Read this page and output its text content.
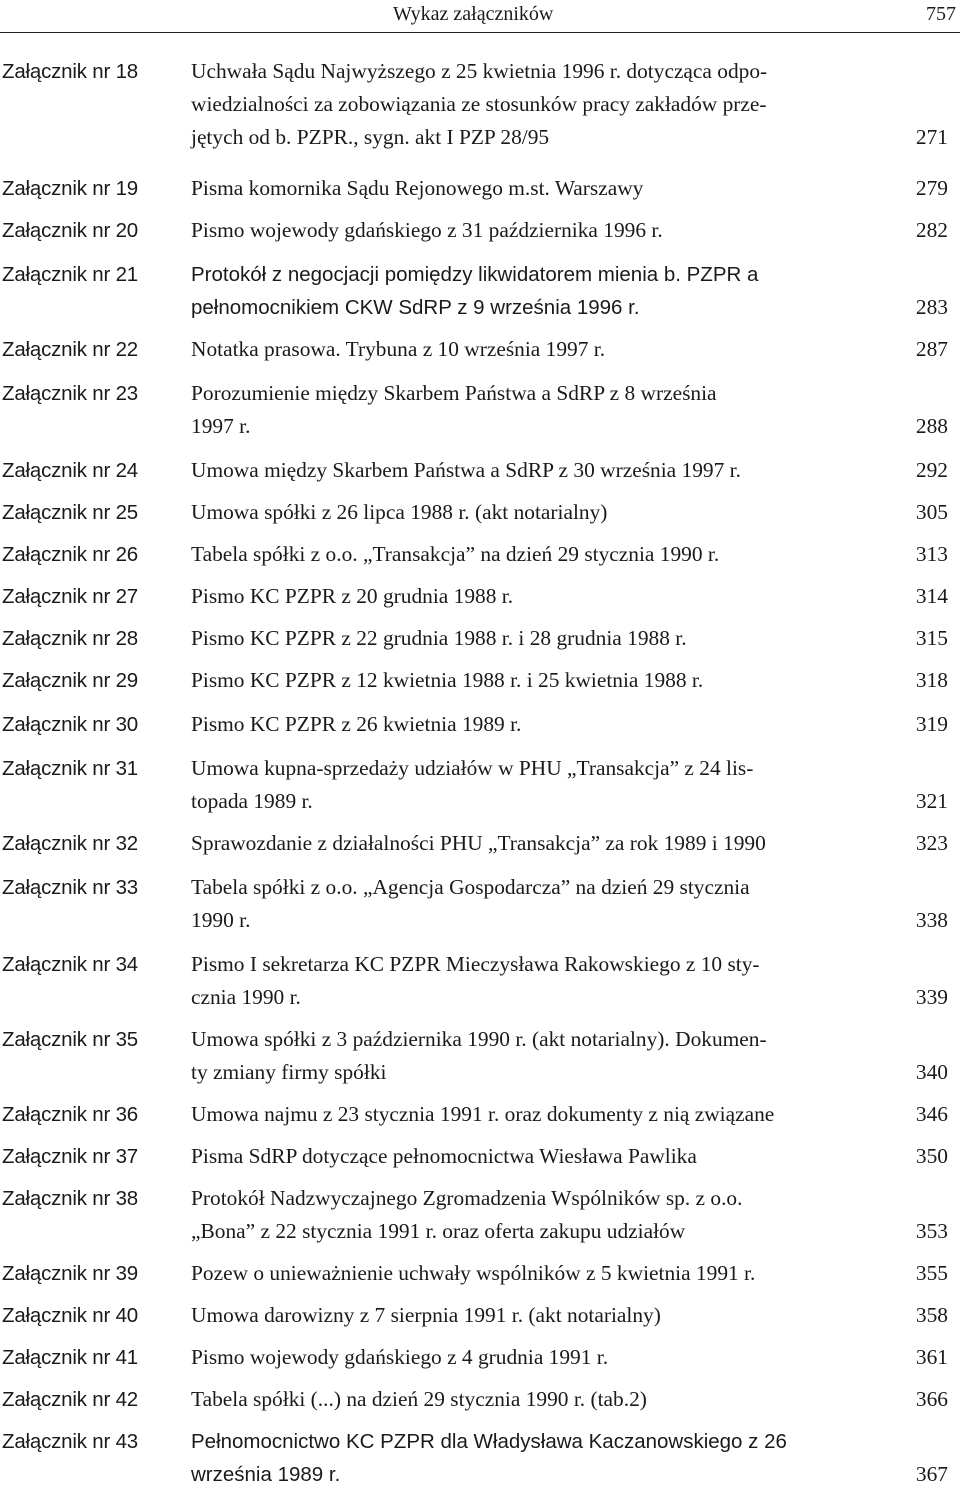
Wykaz załączników	757
Załącznik nr 18 Uchwała Sądu Najwyższego z 25 kwietnia 1996 r. dotycząca odpo-
wiedzialności za zobowiązania ze stosunków pracy zakładów prze-
jętych od b. PZPR., sygn. akt I PZP 28/95	271
Załącznik nr 19 Pisma komornika Sądu Rejonowego m.st. Warszawy	279
Załącznik nr 20 Pismo wojewody gdańskiego z 31 października 1996 r.	282
Załącznik nr 21	Protokół z negocjacji pomiędzy likwidatorem mienia b. PZPR a
pełnomocnikiem CKW SdRP z 9 września 1996 r.	283
Załącznik nr 22 Notatka prasowa. Trybuna z 10 września 1997 r.	287
Załącznik nr 23 Porozumienie między Skarbem Państwa a SdRP z 8 września
1997 r.	288
Załącznik nr 24 Umowa między Skarbem Państwa a SdRP z 30 września 1997 r.	292
Załącznik nr 25 Umowa spółki z 26 lipca 1988 r. (akt notarialny)	305
Załącznik nr 26 Tabela spółki z o.o. „Transakcja” na dzień 29 stycznia 1990 r.	313
Załącznik nr 27 Pismo KC PZPR z 20 grudnia 1988 r.	314
Załącznik nr 28 Pismo KC PZPR z 22 grudnia 1988 r. i 28 grudnia 1988 r.	315
Załącznik nr 29 Pismo KC PZPR z 12 kwietnia 1988 r. i 25 kwietnia 1988 r.	318
Załącznik nr 30 Pismo KC PZPR z 26 kwietnia 1989 r.	319
Załącznik nr 31 Umowa kupna-sprzedaży udziałów w PHU „Transakcja” z 24 lis-
topada 1989 r.	321
Załącznik nr 32 Sprawozdanie z działalności PHU „Transakcja” za rok 1989 i 1990	323
Załącznik nr 33 Tabela spółki z o.o. „Agencja Gospodarcza” na dzień 29 stycznia
1990 r.	338
Załącznik nr 34 Pismo I sekretarza KC PZPR Mieczysława Rakowskiego z 10 sty-
cznia 1990 r.	339
Załącznik nr 35 Umowa spółki z 3 października 1990 r. (akt notarialny). Dokumen-
ty zmiany firmy spółki	340
Załącznik nr 36 Umowa najmu z 23 stycznia 1991 r. oraz dokumenty z nią związane	346
Załącznik nr 37 Pisma SdRP dotyczące pełnomocnictwa Wiesława Pawlika	350
Załącznik nr 38 Protokół Nadzwyczajnego Zgromadzenia Wspólników sp. z o.o.
„Bona” z 22 stycznia 1991 r. oraz oferta zakupu udziałów	353
Załącznik nr 39 Pozew o unieważnienie uchwały wspólników z 5 kwietnia 1991 r.	355
Załącznik nr 40 Umowa darowizny z 7 sierpnia 1991 r. (akt notarialny)	358
Załącznik nr 41 Pismo wojewody gdańskiego z 4 grudnia 1991 r.	361
Załącznik nr 42 Tabela spółki (...) na dzień 29 stycznia 1990 r. (tab.2)	366
Załącznik nr 43	Pełnomocnictwo KC PZPR dla Władysława Kaczanowskiego z 26
września 1989 r.	367
